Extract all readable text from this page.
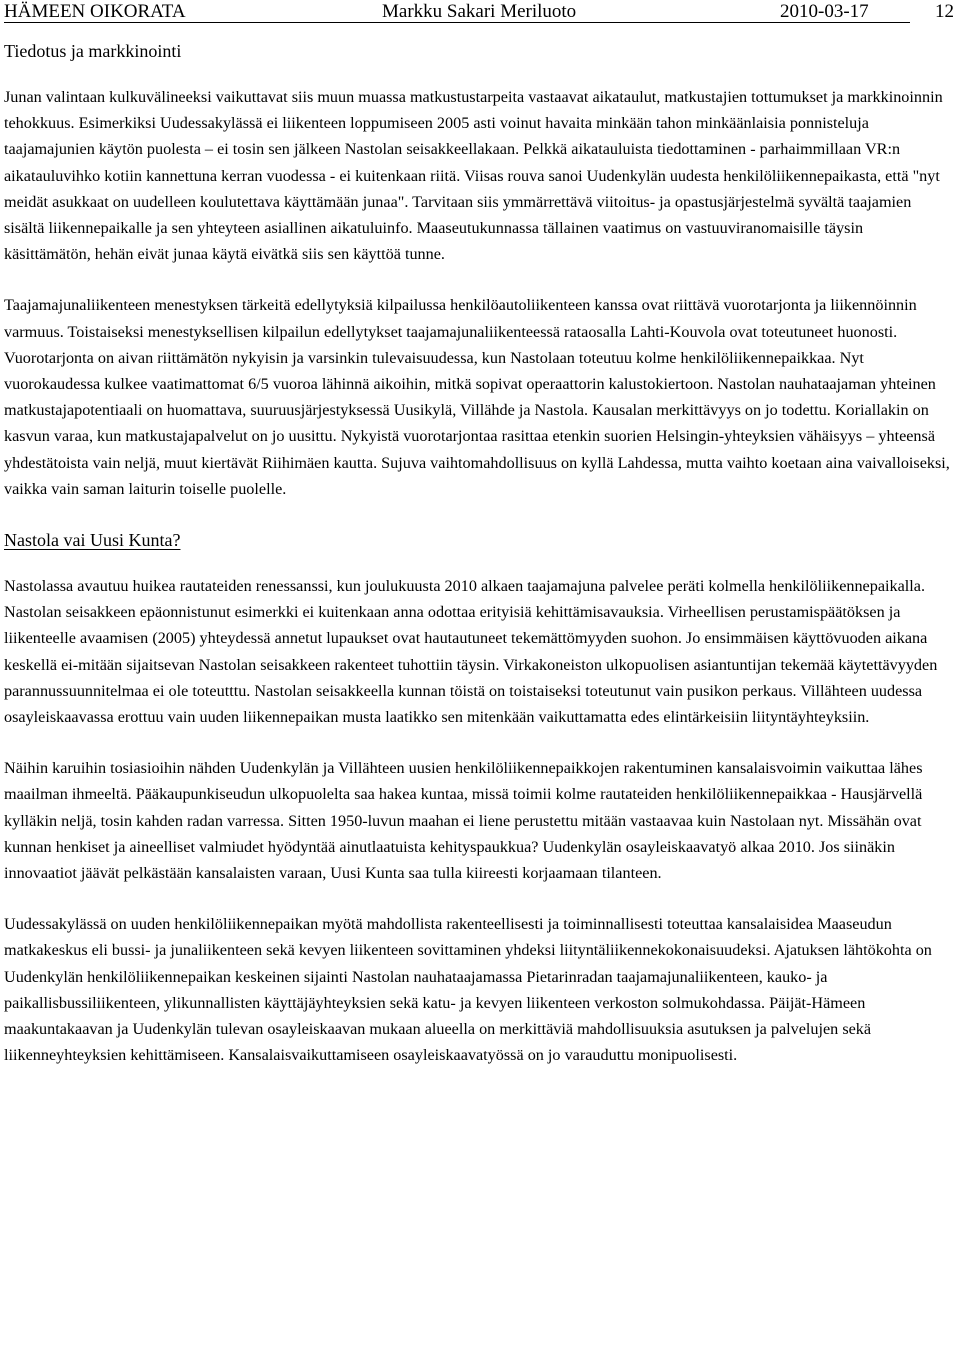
HÄMEEN OIKORATA	Markku Sakari Meriluoto	2010-03-17	12
Tiedotus ja markkinointi

Junan valintaan kulkuvälineeksi vaikuttavat siis muun muassa matkustustarpeita vastaavat aikataulut, matkustajien tottumukset ja markkinoinnin tehokkuus. Esimerkiksi Uudessakylässä ei liikenteen loppumiseen 2005 asti voinut havaita minkään tahon minkäänlaisia ponnisteluja taajamajunien käytön puolesta – ei tosin sen jälkeen Nastolan seisakkeellakaan. Pelkkä aikatauluista tiedottaminen - parhaimmillaan VR:n aikatauluvihko kotiin kannettuna kerran vuodessa - ei kuitenkaan riitä. Viisas rouva sanoi Uudenkylän uudesta henkilöliikennepaikasta, että "nyt meidät asukkaat on uudelleen koulutettava käyttämään junaa". Tarvitaan siis ymmärrettävä viitoitus- ja opastusjärjestelmä syvältä taajamien sisältä liikennepaikalle ja sen yhteyteen asiallinen aikatuluinfo. Maaseutukunnassa tällainen vaatimus on vastuuviranomaisille täysin käsittämätön, hehän eivät junaa käytä eivätkä siis sen käyttöä tunne.

Taajamajunaliikenteen menestyksen tärkeitä edellytyksiä kilpailussa henkilöautoliikenteen kanssa ovat riittävä vuorotarjonta ja liikennöinnin varmuus. Toistaiseksi menestyksellisen kilpailun edellytykset taajamajunaliikenteessä rataosalla Lahti-Kouvola ovat toteutuneet huonosti. Vuorotarjonta on aivan riittämätön nykyisin ja varsinkin tulevaisuudessa, kun Nastolaan toteutuu kolme henkilöliikennepaikkaa. Nyt vuorokaudessa kulkee vaatimattomat 6/5 vuoroa lähinnä aikoihin, mitkä sopivat operaattorin kalustokiertoon. Nastolan nauhataajaman yhteinen matkustajapotentiaali on huomattava, suuruusjärjestyksessä Uusikylä, Villähde ja Nastola. Kausalan merkittävyys on jo todettu. Koriallakin on kasvun varaa, kun matkustajapalvelut on jo uusittu. Nykyistä vuorotarjontaa rasittaa etenkin suorien Helsingin-yhteyksien vähäisyys – yhteensä yhdestätoista vain neljä, muut kiertävät Riihimäen kautta. Sujuva vaihtomahdollisuus on kyllä Lahdessa, mutta vaihto koetaan aina vaivalloiseksi, vaikka vain saman laiturin toiselle puolelle.

Nastola vai Uusi Kunta?

Nastolassa avautuu huikea rautateiden renessanssi, kun joulukuusta 2010 alkaen taajamajuna palvelee peräti kolmella henkilöliikennepaikalla. Nastolan seisakkeen epäonnistunut esimerkki ei kuitenkaan anna odottaa erityisiä kehittämisavauksia. Virheellisen perustamispäätöksen ja liikenteelle avaamisen (2005) yhteydessä annetut lupaukset ovat hautautuneet tekemättömyyden suohon. Jo ensimmäisen käyttövuoden aikana keskellä ei-mitään sijaitsevan Nastolan seisakkeen rakenteet tuhottiin täysin. Virkakoneiston ulkopuolisen asiantuntijan tekemää käytettävyyden parannussuunnitelmaa ei ole toteutttu. Nastolan seisakkeella kunnan töistä on toistaiseksi toteutunut vain pusikon perkaus. Villähteen uudessa osayleiskaavassa erottuu vain uuden liikennepaikan musta laatikko sen mitenkään vaikuttamatta edes elintärkeisiin liityntäyhteyksiin.

Näihin karuihin tosiasioihin nähden Uudenkylän ja Villähteen uusien henkilöliikennepaikkojen rakentuminen kansalaisvoimin vaikuttaa lähes maailman ihmeeltä. Pääkaupunkiseudun ulkopuolelta saa hakea kuntaa, missä toimii kolme rautateiden henkilöliikennepaikkaa - Hausjärvellä kylläkin neljä, tosin kahden radan varressa. Sitten 1950-luvun maahan ei liene perustettu mitään vastaavaa kuin Nastolaan nyt. Missähän ovat kunnan henkiset ja aineelliset valmiudet hyödyntää ainutlaatuista kehityspaukkua? Uudenkylän osayleiskaavatyö alkaa 2010. Jos siinäkin innovaatiot jäävät pelkästään kansalaisten varaan, Uusi Kunta saa tulla kiireesti korjaamaan tilanteen.

Uudessakylässä on uuden henkilöliikennepaikan myötä mahdollista rakenteellisesti ja toiminnallisesti toteuttaa kansalaisidea Maaseudun matkakeskus eli bussi- ja junaliikenteen sekä kevyen liikenteen sovittaminen yhdeksi liityntäliikennekokonaisuudeksi. Ajatuksen lähtökohta on Uudenkylän henkilöliikennepaikan keskeinen sijainti Nastolan nauhataajamassa Pietarinradan taajamajunaliikenteen, kauko- ja paikallisbussiliikenteen, ylikunnallisten käyttäjäyhteyksien sekä katu- ja kevyen liikenteen verkoston solmukohdassa. Päijät-Hämeen maakuntakaavan ja Uudenkylän tulevan osayleiskaavan mukaan alueella on merkittäviä mahdollisuuksia asutuksen ja palvelujen sekä liikenneyhteyksien kehittämiseen. Kansalaisvaikuttamiseen osayleiskaavatyössä on jo varauduttu monipuolisesti.
